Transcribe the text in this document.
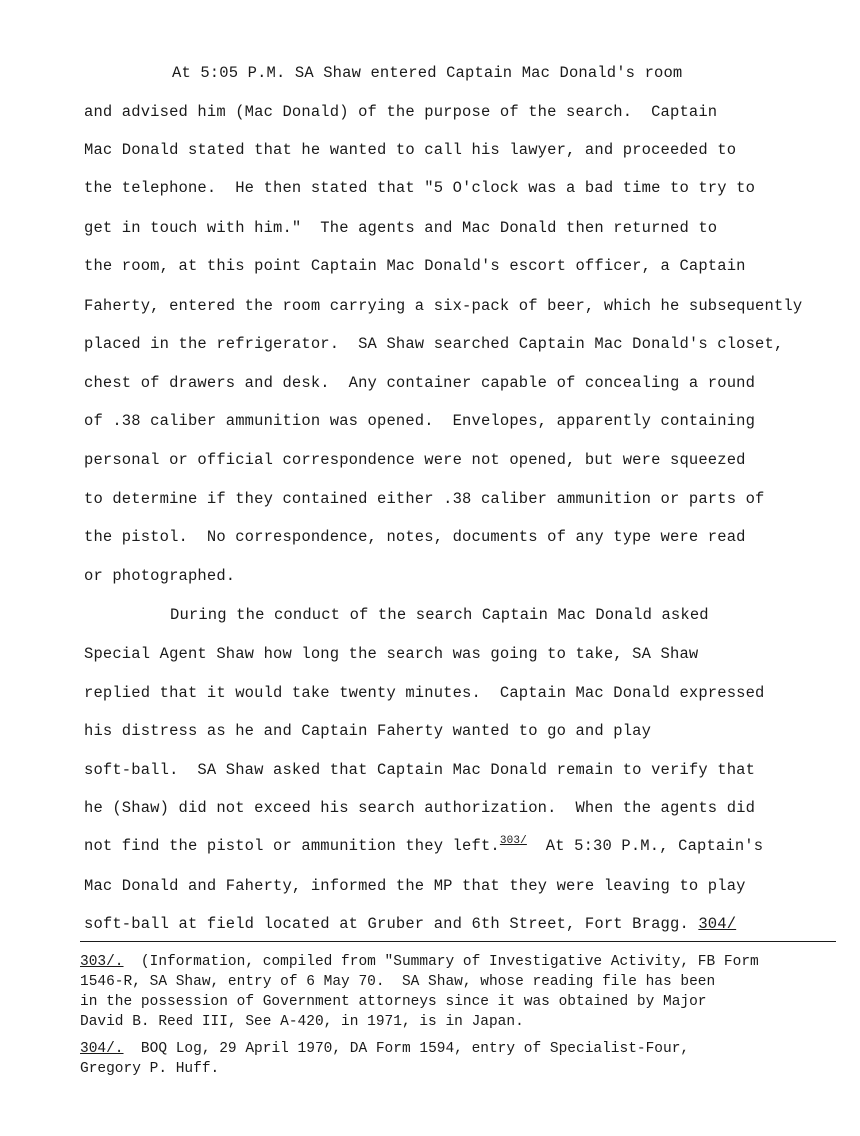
At 5:05 P.M. SA Shaw entered Captain Mac Donald's room
and advised him (Mac Donald) of the purpose of the search.  Captain
Mac Donald stated that he wanted to call his lawyer, and proceeded to
the telephone.  He then stated that "5 O'clock was a bad time to try to
get in touch with him."  The agents and Mac Donald then returned to
the room, at this point Captain Mac Donald's escort officer, a Captain
Faherty, entered the room carrying a six-pack of beer, which he subsequently
placed in the refrigerator.  SA Shaw searched Captain Mac Donald's closet,
chest of drawers and desk.  Any container capable of concealing a round
of .38 caliber ammunition was opened.  Envelopes, apparently containing
personal or official correspondence were not opened, but were squeezed
to determine if they contained either .38 caliber ammunition or parts of
the pistol.  No correspondence, notes, documents of any type were read
or photographed.
During the conduct of the search Captain Mac Donald asked
Special Agent Shaw how long the search was going to take, SA Shaw
replied that it would take twenty minutes.  Captain Mac Donald expressed
his distress as he and Captain Faherty wanted to go and play
soft-ball.  SA Shaw asked that Captain Mac Donald remain to verify that
he (Shaw) did not exceed his search authorization.  When the agents did
not find the pistol or ammunition they left.$^{303/}$  At 5:30 P.M., Captain's
Mac Donald and Faherty, informed the MP that they were leaving to play
soft-ball at field located at Gruber and 6th Street, Fort Bragg. 304/
303/.  (Information, compiled from "Summary of Investigative Activity, FB Form
1546-R, SA Shaw, entry of 6 May 70.  SA Shaw, whose reading file has been
in the possession of Government attorneys since it was obtained by Major
David B. Reed III, See A-420, in 1971, is in Japan.
304/.  BOQ Log, 29 April 1970, DA Form 1594, entry of Specialist-Four,
Gregory P. Huff.
